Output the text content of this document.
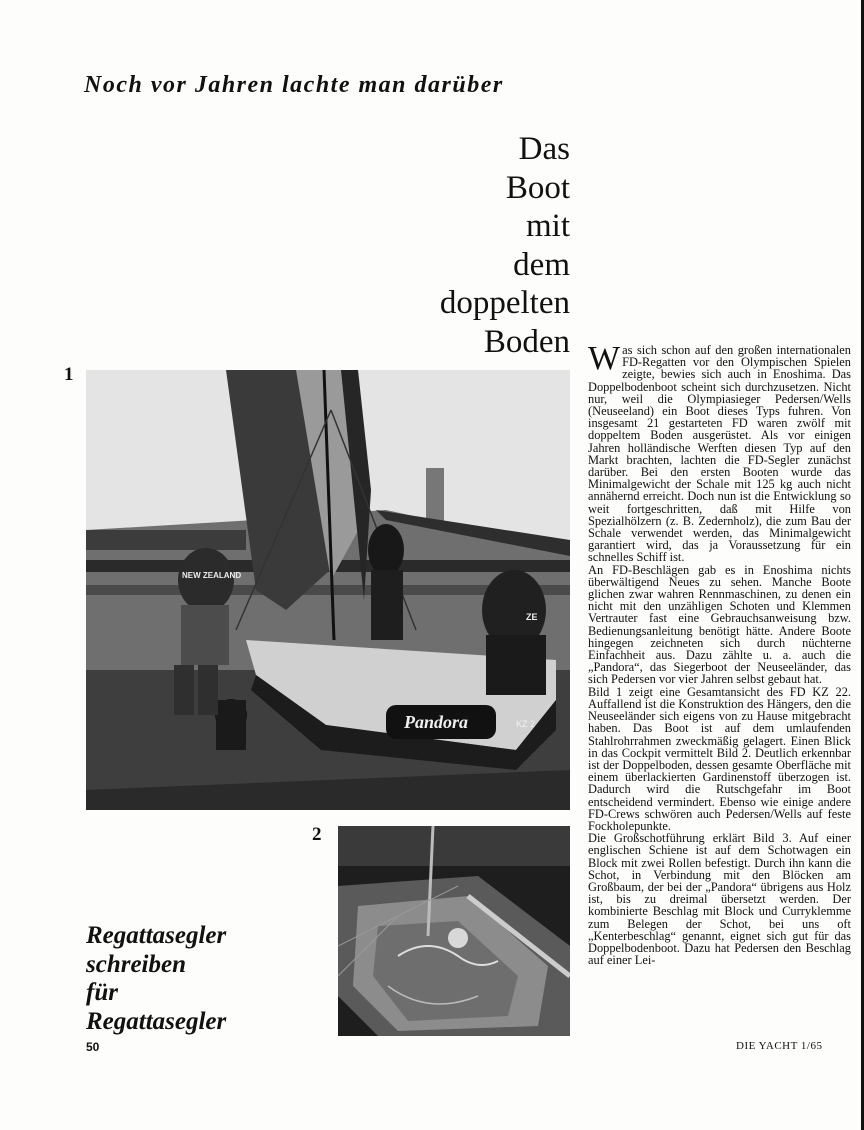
Noch vor Jahren lachte man darüber
Das
Boot
mit
dem
doppelten
Boden
1
Pandora	KZ 2
NEW ZEALAND
ZE
2
Regattasegler
schreiben
für
Regattasegler

Was sich schon auf den großen internationalen FD-Regatten vor den Olympischen Spielen zeigte, bewies sich auch in Enoshima. Das Doppelbodenboot scheint sich durchzusetzen. Nicht nur, weil die Olympiasieger Pedersen/Wells (Neuseeland) ein Boot dieses Typs fuhren. Von insgesamt 21 gestarteten FD waren zwölf mit doppeltem Boden ausgerüstet. Als vor einigen Jahren holländische Werften diesen Typ auf den Markt brachten, lachten die FD-Segler zunächst darüber. Bei den ersten Booten wurde das Minimalgewicht der Schale mit 125 kg auch nicht annähernd erreicht. Doch nun ist die Entwicklung so weit fortgeschritten, daß mit Hilfe von Spezialhölzern (z. B. Zedernholz), die zum Bau der Schale verwendet werden, das Minimalgewicht garantiert wird, das ja Voraussetzung für ein schnelles Schiff ist.

An FD-Beschlägen gab es in Enoshima nichts überwältigend Neues zu sehen. Manche Boote glichen zwar wahren Rennmaschinen, zu denen ein nicht mit den unzähligen Schoten und Klemmen Vertrauter fast eine Gebrauchsanweisung bzw. Bedienungsanleitung benötigt hätte. Andere Boote hingegen zeichneten sich durch nüchterne Einfachheit aus. Dazu zählte u. a. auch die „Pandora“, das Siegerboot der Neuseeländer, das sich Pedersen vor vier Jahren selbst gebaut hat.

Bild 1 zeigt eine Gesamtansicht des FD KZ 22. Auffallend ist die Konstruktion des Hängers, den die Neuseeländer sich eigens von zu Hause mitgebracht haben. Das Boot ist auf dem umlaufenden Stahlrohrrahmen zweckmäßig gelagert. Einen Blick in das Cockpit vermittelt Bild 2. Deutlich erkennbar ist der Doppelboden, dessen gesamte Oberfläche mit einem überlackierten Gardinenstoff überzogen ist. Dadurch wird die Rutschgefahr im Boot entscheidend vermindert. Ebenso wie einige andere FD-Crews schwören auch Pedersen/Wells auf feste Fockholepunkte.

Die Großschotführung erklärt Bild 3. Auf einer englischen Schiene ist auf dem Schotwagen ein Block mit zwei Rollen befestigt. Durch ihn kann die Schot, in Verbindung mit den Blöcken am Großbaum, der bei der „Pandora“ übrigens aus Holz ist, bis zu dreimal übersetzt werden. Der kombinierte Beschlag mit Block und Curryklemme zum Belegen der Schot, bei uns oft „Kenterbeschlag“ genannt, eignet sich gut für das Doppelbodenboot. Dazu hat Pedersen den Beschlag auf einer Lei-

50	DIE YACHT 1/65
